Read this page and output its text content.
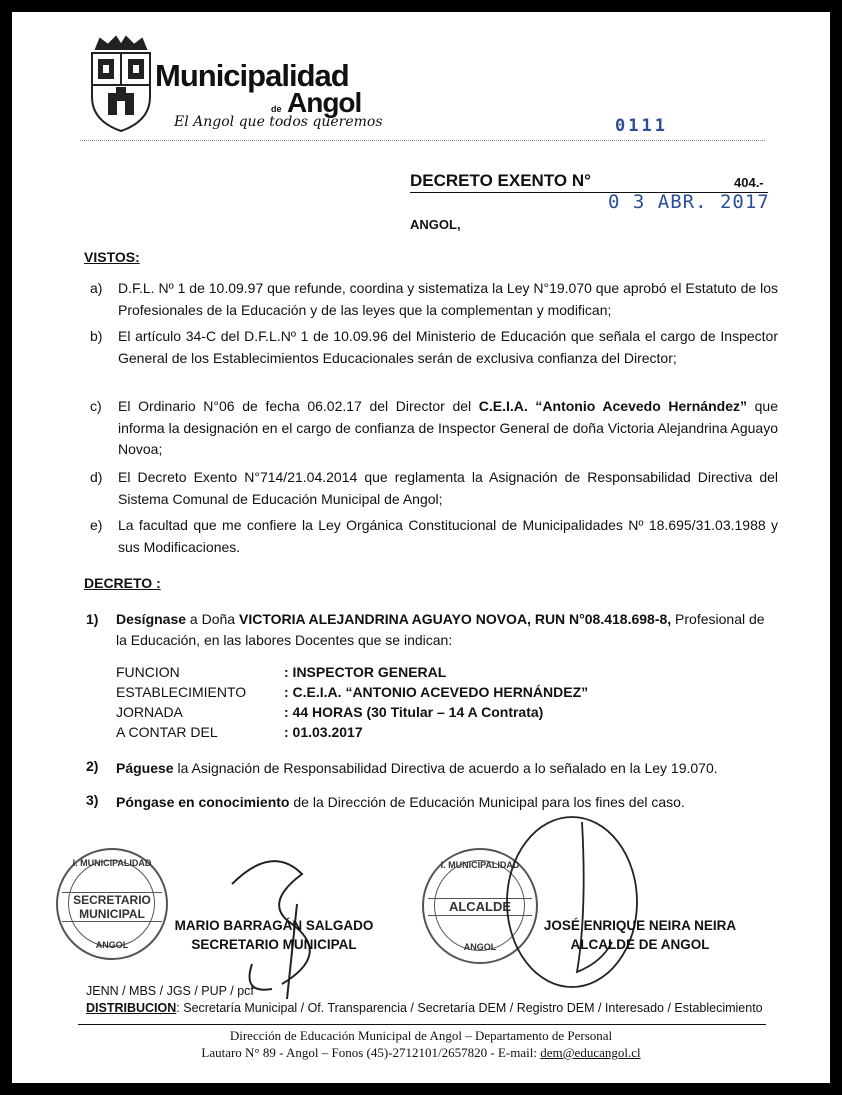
Municipalidad
de Angol
El Angol que todos queremos	0111
DECRETO EXENTO N°	404.-
0 3 ABR. 2017
ANGOL,
VISTOS:
a) D.F.L. Nº 1 de 10.09.97 que refunde, coordina y sistematiza la Ley N°19.070 que aprobó el Estatuto de los Profesionales de la Educación y de las leyes que la complementan y modifican;
b) El artículo 34-C del D.F.L.Nº 1 de 10.09.96 del Ministerio de Educación que señala el cargo de Inspector General de los Establecimientos Educacionales serán de exclusiva confianza del Director;
c) El Ordinario N°06 de fecha 06.02.17 del Director del C.E.I.A. “Antonio Acevedo Hernández” que informa la designación en el cargo de confianza de Inspector General de doña Victoria Alejandrina Aguayo Novoa;
d) El Decreto Exento N°714/21.04.2014 que reglamenta la Asignación de Responsabilidad Directiva del Sistema Comunal de Educación Municipal de Angol;
e) La facultad que me confiere la Ley Orgánica Constitucional de Municipalidades Nº 18.695/31.03.1988 y sus Modificaciones.
DECRETO :
1) Desígnase a Doña VICTORIA ALEJANDRINA AGUAYO NOVOA, RUN N°08.418.698-8, Profesional de la Educación, en las labores Docentes que se indican:
FUNCION	: INSPECTOR GENERAL
ESTABLECIMIENTO	: C.E.I.A. “ANTONIO ACEVEDO HERNÁNDEZ”
JORNADA	: 44 HORAS (30 Titular – 14 A Contrata)
A CONTAR DEL	: 01.03.2017
2) Páguese la Asignación de Responsabilidad Directiva de acuerdo a lo señalado en la Ley 19.070.
3) Póngase en conocimiento de la Dirección de Educación Municipal para los fines del caso.
I. MUNICIPALIDAD
SECRETARIO
MUNICIPAL
ANGOL
MARIO BARRAGÁN SALGADO
SECRETARIO MUNICIPAL
I. MUNICIPALIDAD
ALCALDE
ANGOL
JOSÉ ENRIQUE NEIRA NEIRA
ALCALDE DE ANGOL
JENN / MBS / JGS / PUP / pcf
DISTRIBUCION: Secretaría Municipal / Of. Transparencia / Secretaría DEM / Registro DEM / Interesado / Establecimiento
Dirección de Educación Municipal de Angol – Departamento de Personal
Lautaro N° 89 - Angol – Fonos (45)-2712101/2657820 - E-mail: dem@educangol.cl
